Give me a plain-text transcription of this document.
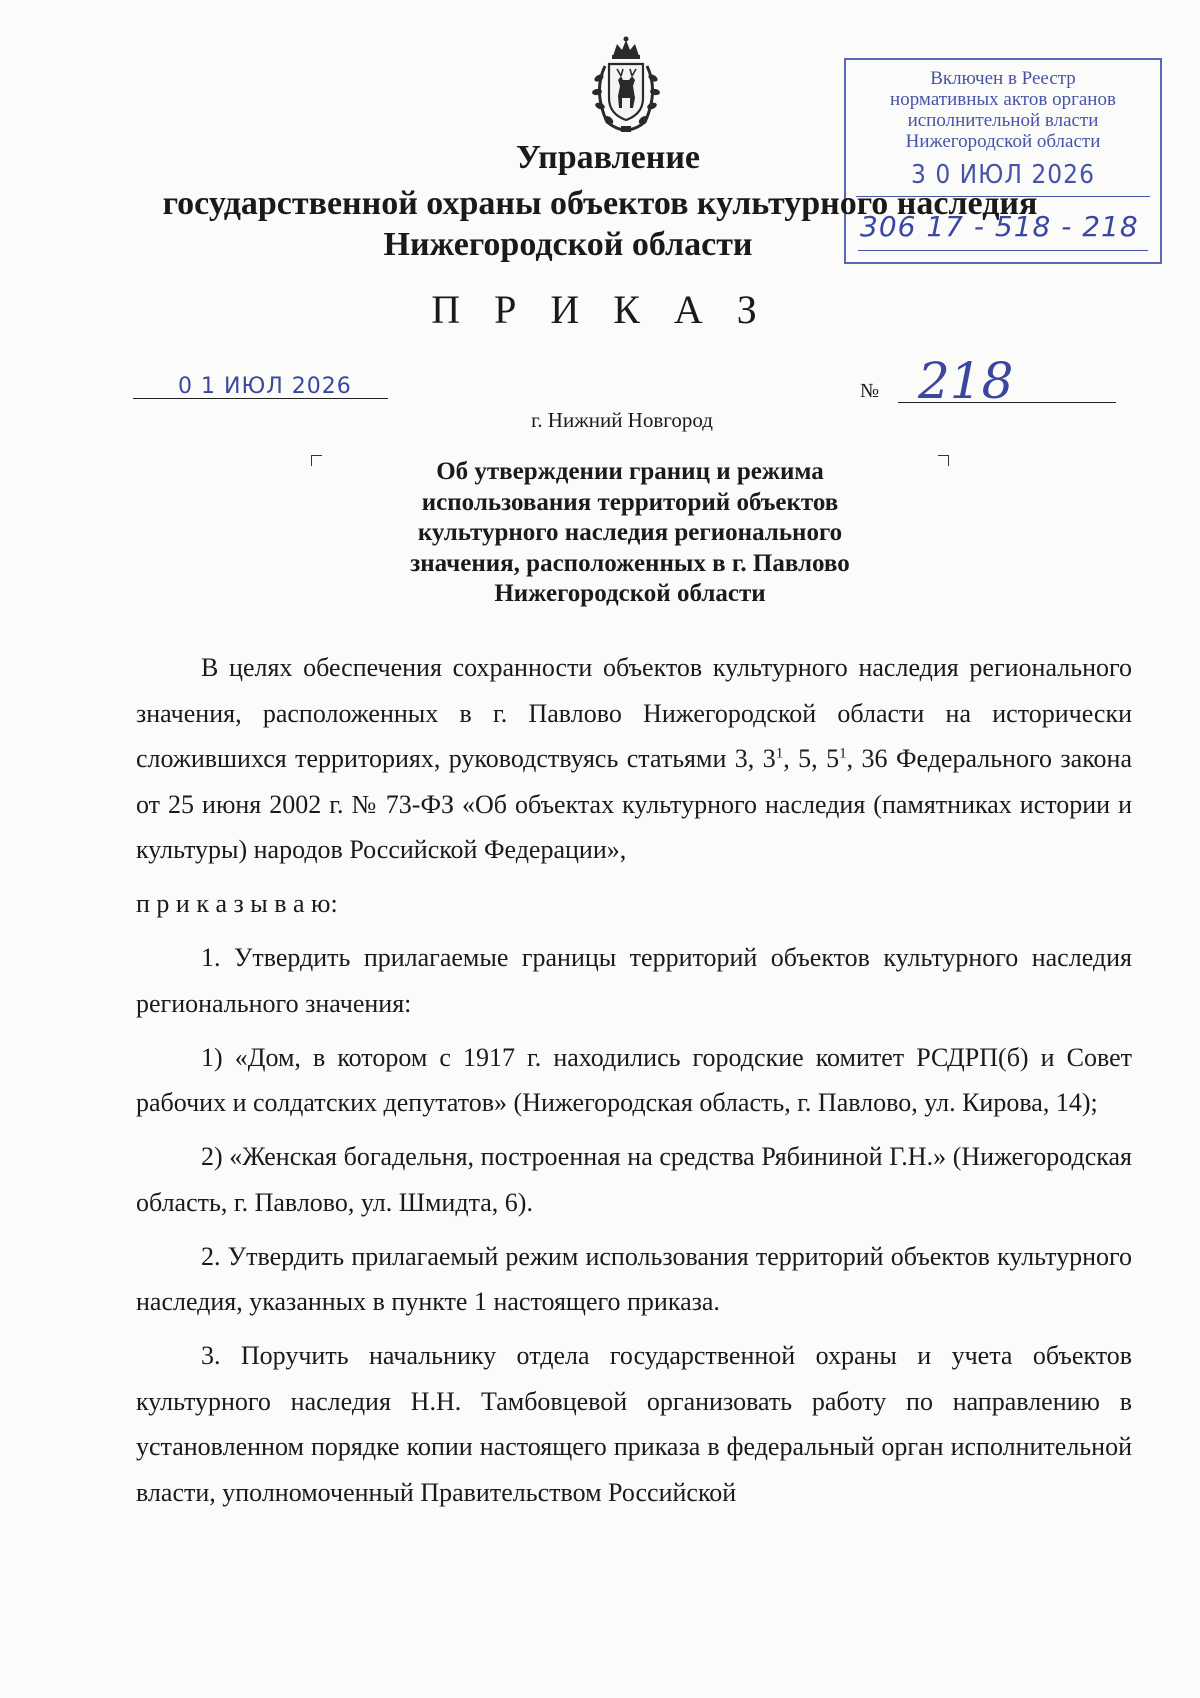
Включен в Реестр
нормативных актов органов
исполнительной власти
Нижегородской области
3 0 ИЮЛ 2026
306 17 - 518 - 218
Управление
государственной охраны объектов культурного наследия
Нижегородской области
П Р И К А З
0 1 ИЮЛ 2026	№ 218
г. Нижний Новгород
Об утверждении границ и режима
использования территорий объектов
культурного наследия регионального
значения, расположенных в г. Павлово
Нижегородской области

В целях обеспечения сохранности объектов культурного наследия регионального значения, расположенных в г. Павлово Нижегородской области на исторически сложившихся территориях, руководствуясь статьями 3, $3^1$, 5, $5^1$, 36 Федерального закона от 25 июня 2002 г. № 73-ФЗ «Об объектах культурного наследия (памятниках истории и культуры) народов Российской Федерации»,

п р и к а з ы в а ю:

1. Утвердить прилагаемые границы территорий объектов культурного наследия регионального значения:

1) «Дом, в котором с 1917 г. находились городские комитет РСДРП(б) и Совет рабочих и солдатских депутатов» (Нижегородская область, г. Павлово, ул. Кирова, 14);

2) «Женская богадельня, построенная на средства Рябининой Г.Н.» (Нижегородская область, г. Павлово, ул. Шмидта, 6).

2. Утвердить прилагаемый режим использования территорий объектов культурного наследия, указанных в пункте 1 настоящего приказа.

3. Поручить начальнику отдела государственной охраны и учета объектов культурного наследия Н.Н. Тамбовцевой организовать работу по направлению в установленном порядке копии настоящего приказа в федеральный орган исполнительной власти, уполномоченный Правительством Российской
